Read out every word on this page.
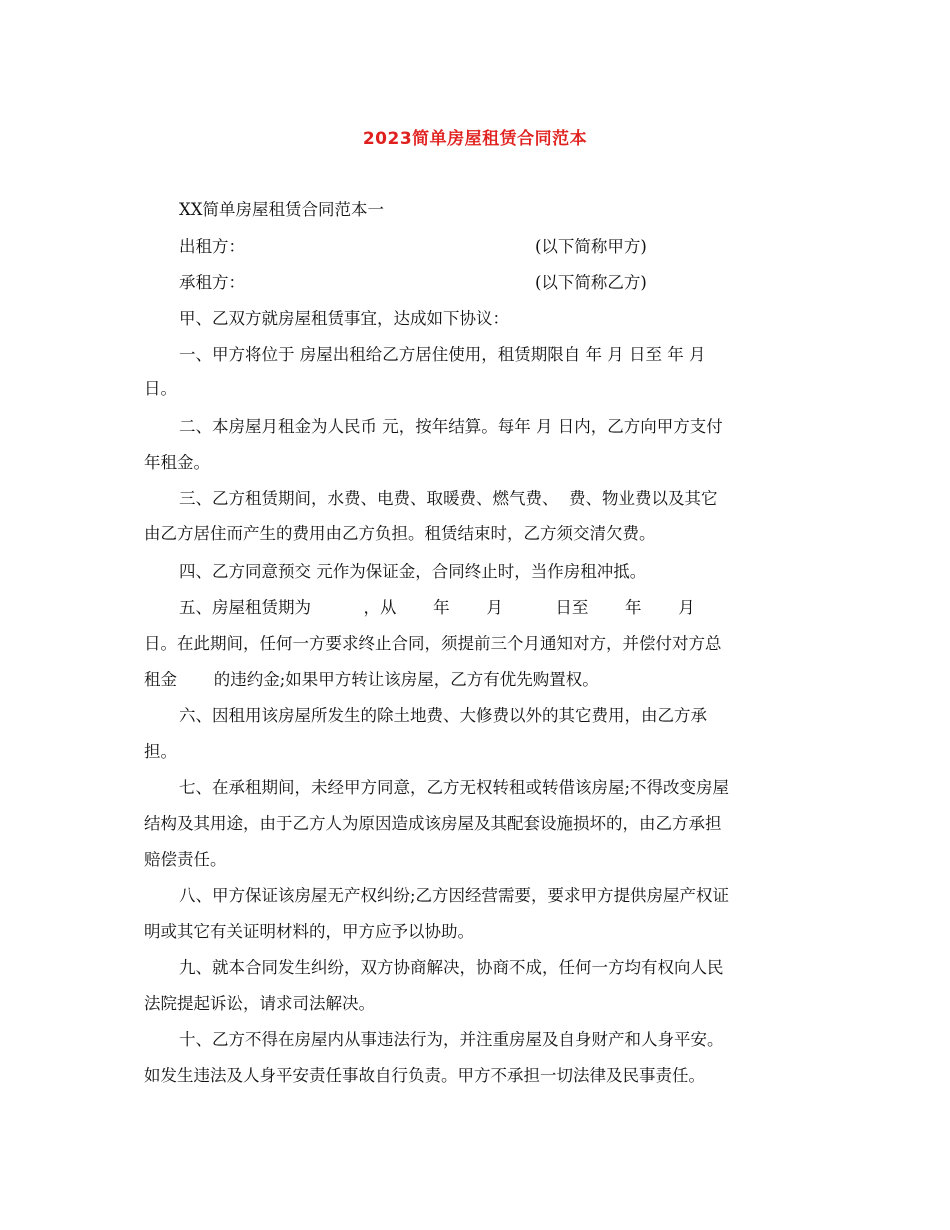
2023简单房屋租赁合同范本
XX简单房屋租赁合同范本一
出租方：	(以下简称甲方)
承租方：	(以下简称乙方)
甲、乙双方就房屋租赁事宜，达成如下协议：
一、甲方将位于 房屋出租给乙方居住使用，租赁期限自 年 月 日至 年 月
日。
二、本房屋月租金为人民币 元，按年结算。每年 月 日内，乙方向甲方支付
年租金。
三、乙方租赁期间，水费、电费、取暖费、燃气费、  费、物业费以及其它
由乙方居住而产生的费用由乙方负担。租赁结束时，乙方须交清欠费。
四、乙方同意预交 元作为保证金，合同终止时，当作房租冲抵。
五、房屋租赁期为          ，从       年       月          日至       年       月
日。在此期间，任何一方要求终止合同，须提前三个月通知对方，并偿付对方总
租金       的违约金;如果甲方转让该房屋，乙方有优先购置权。
六、因租用该房屋所发生的除土地费、大修费以外的其它费用，由乙方承
担。
七、在承租期间，未经甲方同意，乙方无权转租或转借该房屋;不得改变房屋
结构及其用途，由于乙方人为原因造成该房屋及其配套设施损坏的，由乙方承担
赔偿责任。
八、甲方保证该房屋无产权纠纷;乙方因经营需要，要求甲方提供房屋产权证
明或其它有关证明材料的，甲方应予以协助。
九、就本合同发生纠纷，双方协商解决，协商不成，任何一方均有权向人民
法院提起诉讼，请求司法解决。
十、乙方不得在房屋内从事违法行为，并注重房屋及自身财产和人身平安。
如发生违法及人身平安责任事故自行负责。甲方不承担一切法律及民事责任。
